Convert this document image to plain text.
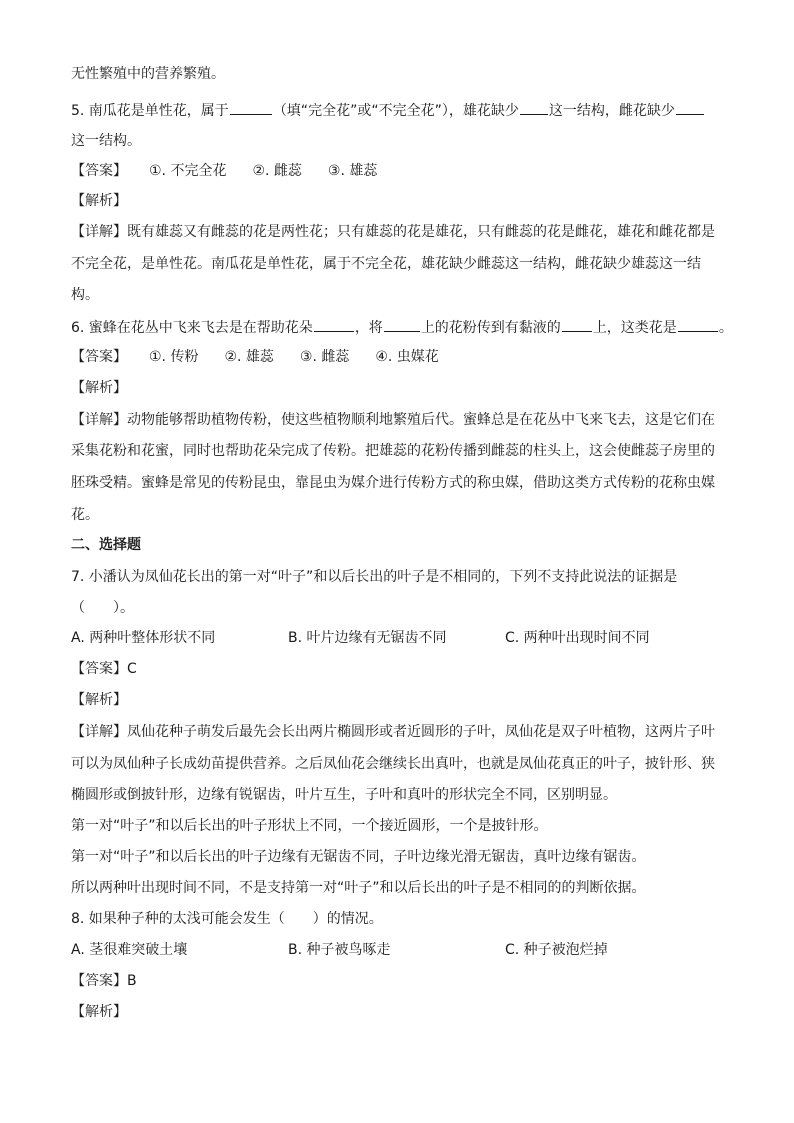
无性繁殖中的营养繁殖。
5. 南瓜花是单性花，属于	（填“完全花”或“不完全花”），雄花缺少 这一结构，雌花缺少
这一结构。
【答案】 ①. 不完全花 ②. 雌蕊 ③. 雄蕊
【解析】
【详解】既有雄蕊又有雌蕊的花是两性花；只有雄蕊的花是雄花，只有雌蕊的花是雌花，雄花和雌花都是
不完全花，是单性花。南瓜花是单性花，属于不完全花，雄花缺少雌蕊这一结构，雌花缺少雄蕊这一结
构。
6. 蜜蜂在花丛中飞来飞去是在帮助花朵	，将	上的花粉传到有黏液的 上，这类花是	。
【答案】 ①. 传粉 ②. 雄蕊 ③. 雌蕊 ④. 虫媒花
【解析】
【详解】动物能够帮助植物传粉，使这些植物顺利地繁殖后代。蜜蜂总是在花丛中飞来飞去，这是它们在
采集花粉和花蜜，同时也帮助花朵完成了传粉。把雄蕊的花粉传播到雌蕊的柱头上，这会使雌蕊子房里的
胚珠受精。蜜蜂是常见的传粉昆虫，靠昆虫为媒介进行传粉方式的称虫媒，借助这类方式传粉的花称虫媒
花。
二、选择题
7. 小潘认为凤仙花长出的第一对“叶子”和以后长出的叶子是不相同的，下列不支持此说法的证据是
（　　）。
A. 两种叶整体形状不同	B. 叶片边缘有无锯齿不同	C. 两种叶出现时间不同
【答案】C
【解析】
【详解】凤仙花种子萌发后最先会长出两片椭圆形或者近圆形的子叶，凤仙花是双子叶植物，这两片子叶
可以为凤仙种子长成幼苗提供营养。之后凤仙花会继续长出真叶，也就是凤仙花真正的叶子，披针形、狭
椭圆形或倒披针形，边缘有锐锯齿，叶片互生，子叶和真叶的形状完全不同，区别明显。
第一对“叶子”和以后长出的叶子形状上不同，一个接近圆形，一个是披针形。
第一对“叶子”和以后长出的叶子边缘有无锯齿不同，子叶边缘光滑无锯齿，真叶边缘有锯齿。
所以两种叶出现时间不同，不是支持第一对“叶子”和以后长出的叶子是不相同的的判断依据。
8. 如果种子种的太浅可能会发生（　　）的情况。
A. 茎很难突破土壤	B. 种子被鸟啄走	C. 种子被泡烂掉
【答案】B
【解析】
